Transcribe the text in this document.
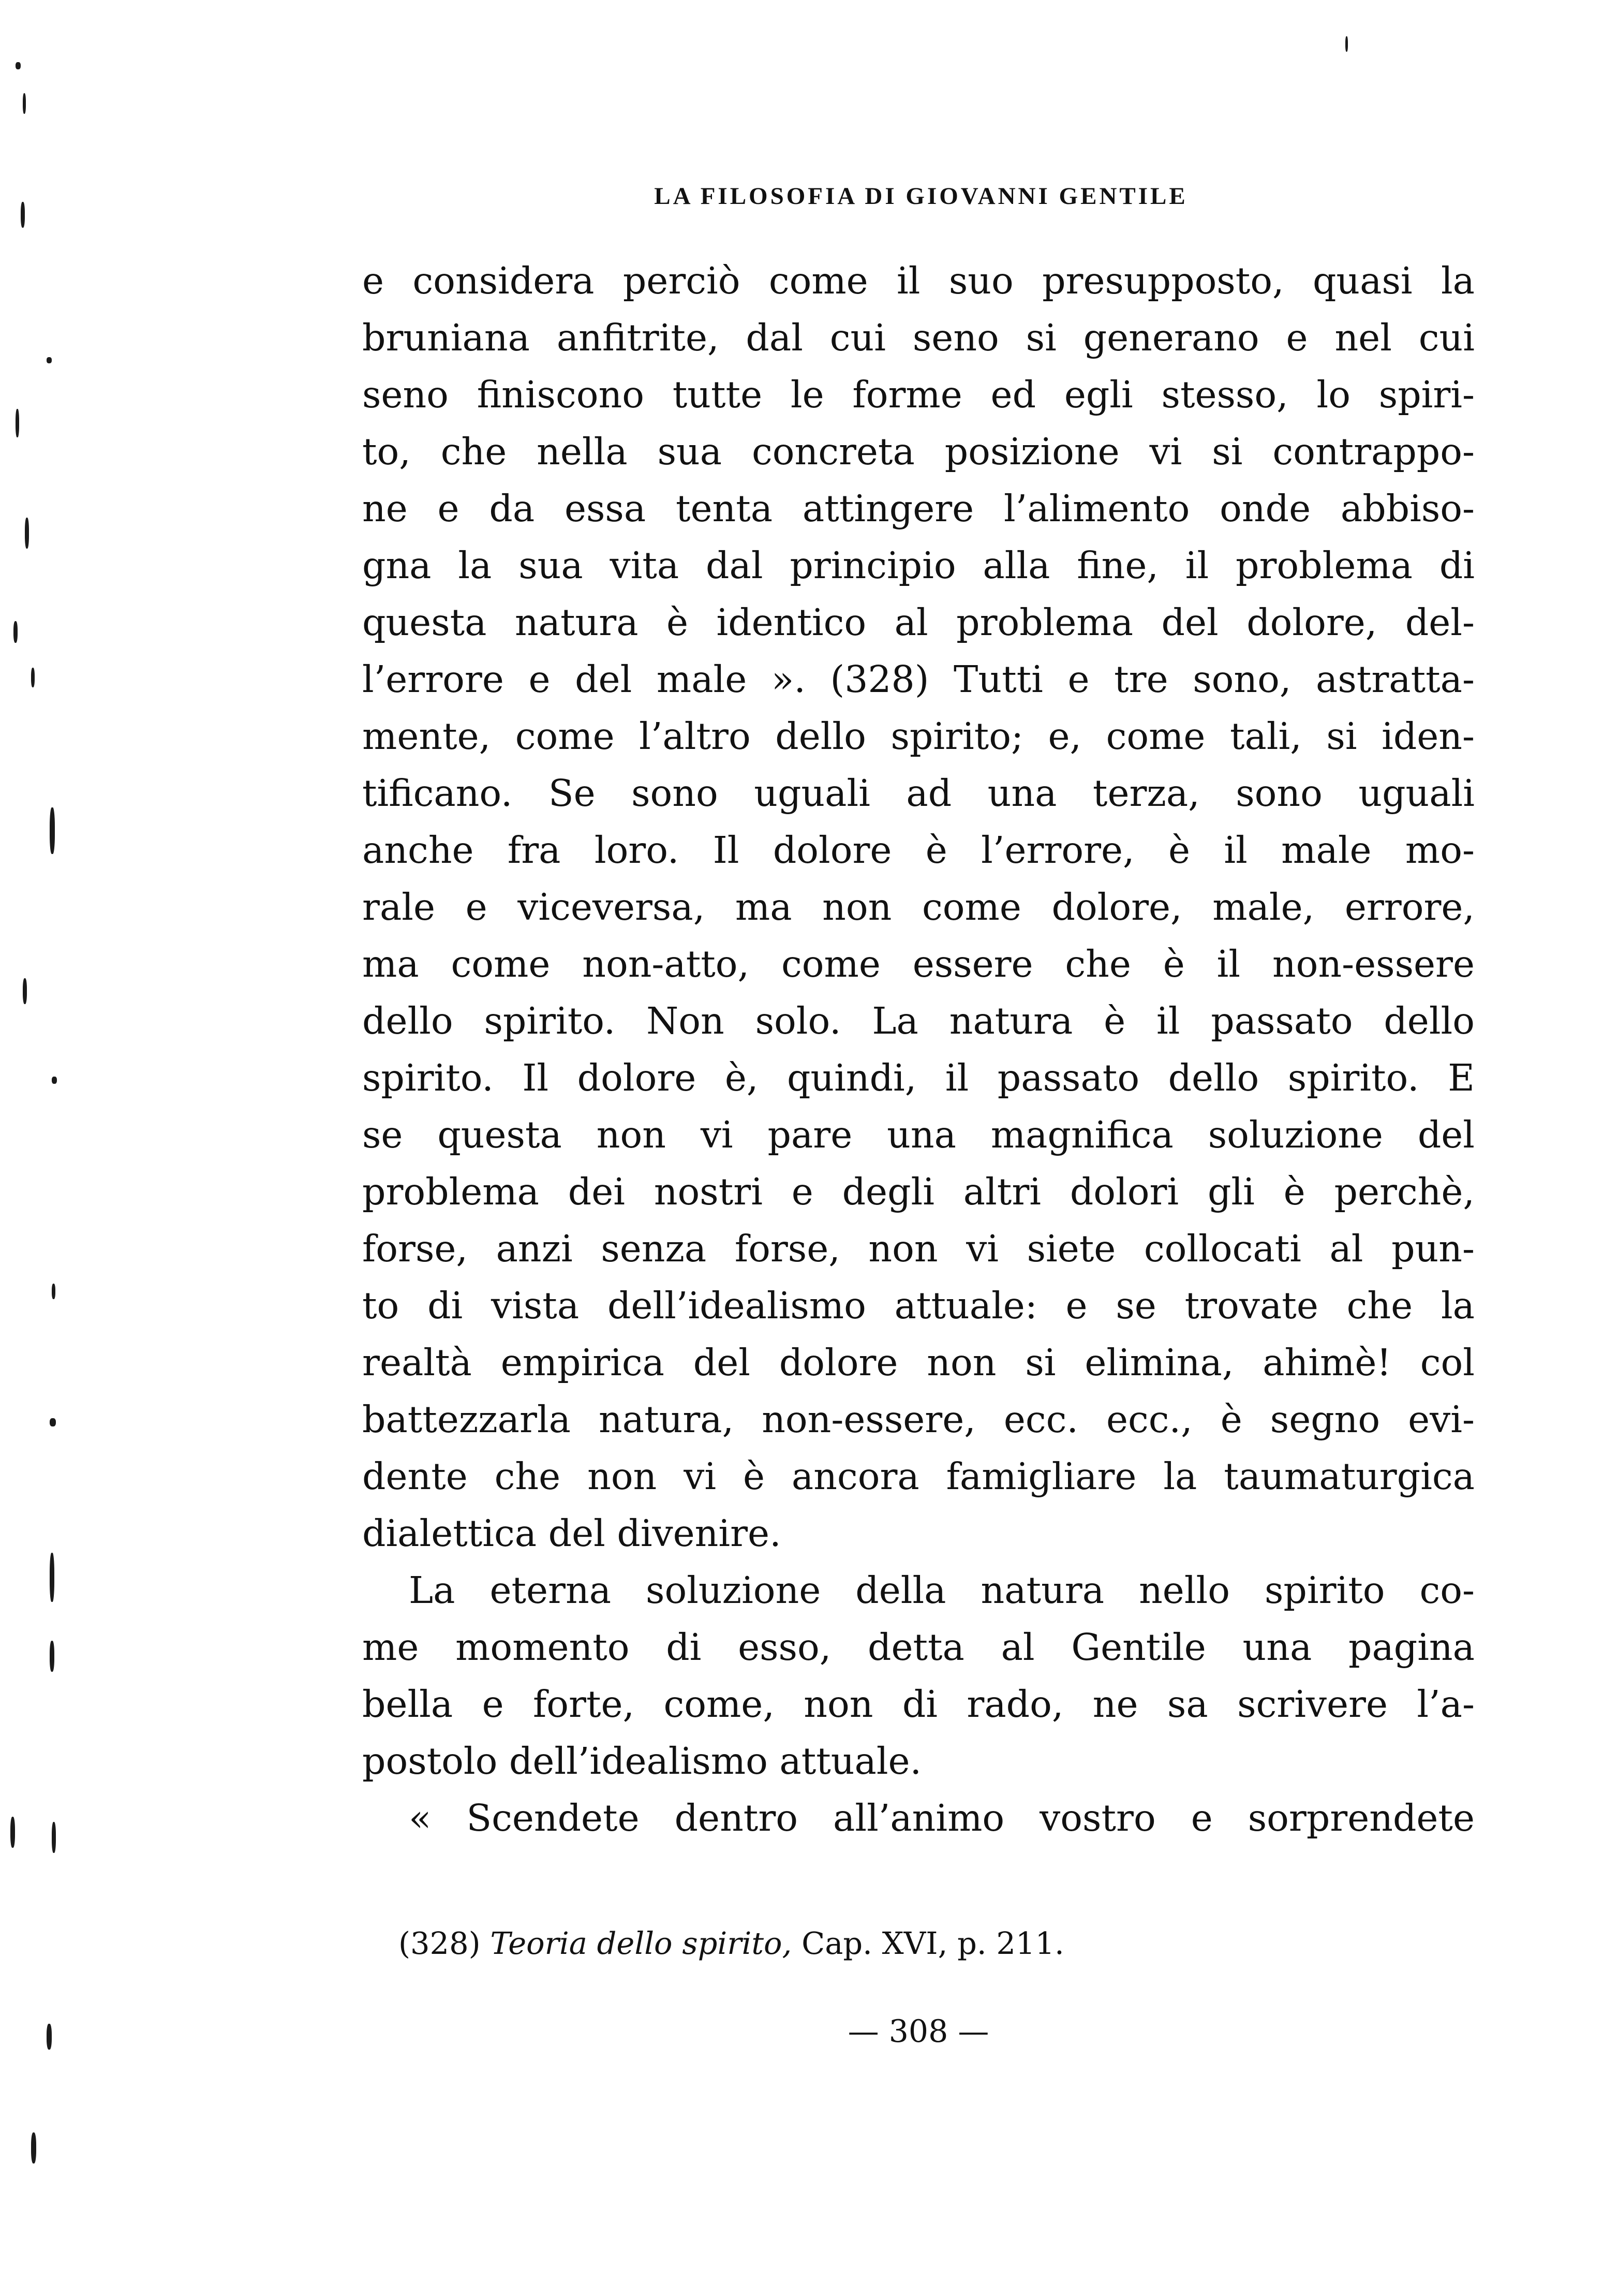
LA FILOSOFIA DI GIOVANNI GENTILE
e considera perciò come il suo presupposto, quasi la
bruniana anfitrite, dal cui seno si generano e nel cui
seno finiscono tutte le forme ed egli stesso, lo spiri-
to, che nella sua concreta posizione vi si contrappo-
ne e da essa tenta attingere l’alimento onde abbiso-
gna la sua vita dal principio alla fine, il problema di
questa natura è identico al problema del dolore, del-
l’errore e del male ». (328) Tutti e tre sono, astratta-
mente, come l’altro dello spirito; e, come tali, si iden-
tificano. Se sono uguali ad una terza, sono uguali
anche fra loro. Il dolore è l’errore, è il male mo-
rale e viceversa, ma non come dolore, male, errore,
ma come non-atto, come essere che è il non-essere
dello spirito. Non solo. La natura è il passato dello
spirito. Il dolore è, quindi, il passato dello spirito. E
se questa non vi pare una magnifica soluzione del
problema dei nostri e degli altri dolori gli è perchè,
forse, anzi senza forse, non vi siete collocati al pun-
to di vista dell’idealismo attuale: e se trovate che la
realtà empirica del dolore non si elimina, ahimè! col
battezzarla natura, non-essere, ecc. ecc., è segno evi-
dente che non vi è ancora famigliare la taumaturgica
dialettica del divenire.
La eterna soluzione della natura nello spirito co-
me momento di esso, detta al Gentile una pagina
bella e forte, come, non di rado, ne sa scrivere l’a-
postolo dell’idealismo attuale.
« Scendete dentro all’animo vostro e sorprendete
(328) Teoria dello spirito, Cap. XVI, p. 211.
— 308 —
